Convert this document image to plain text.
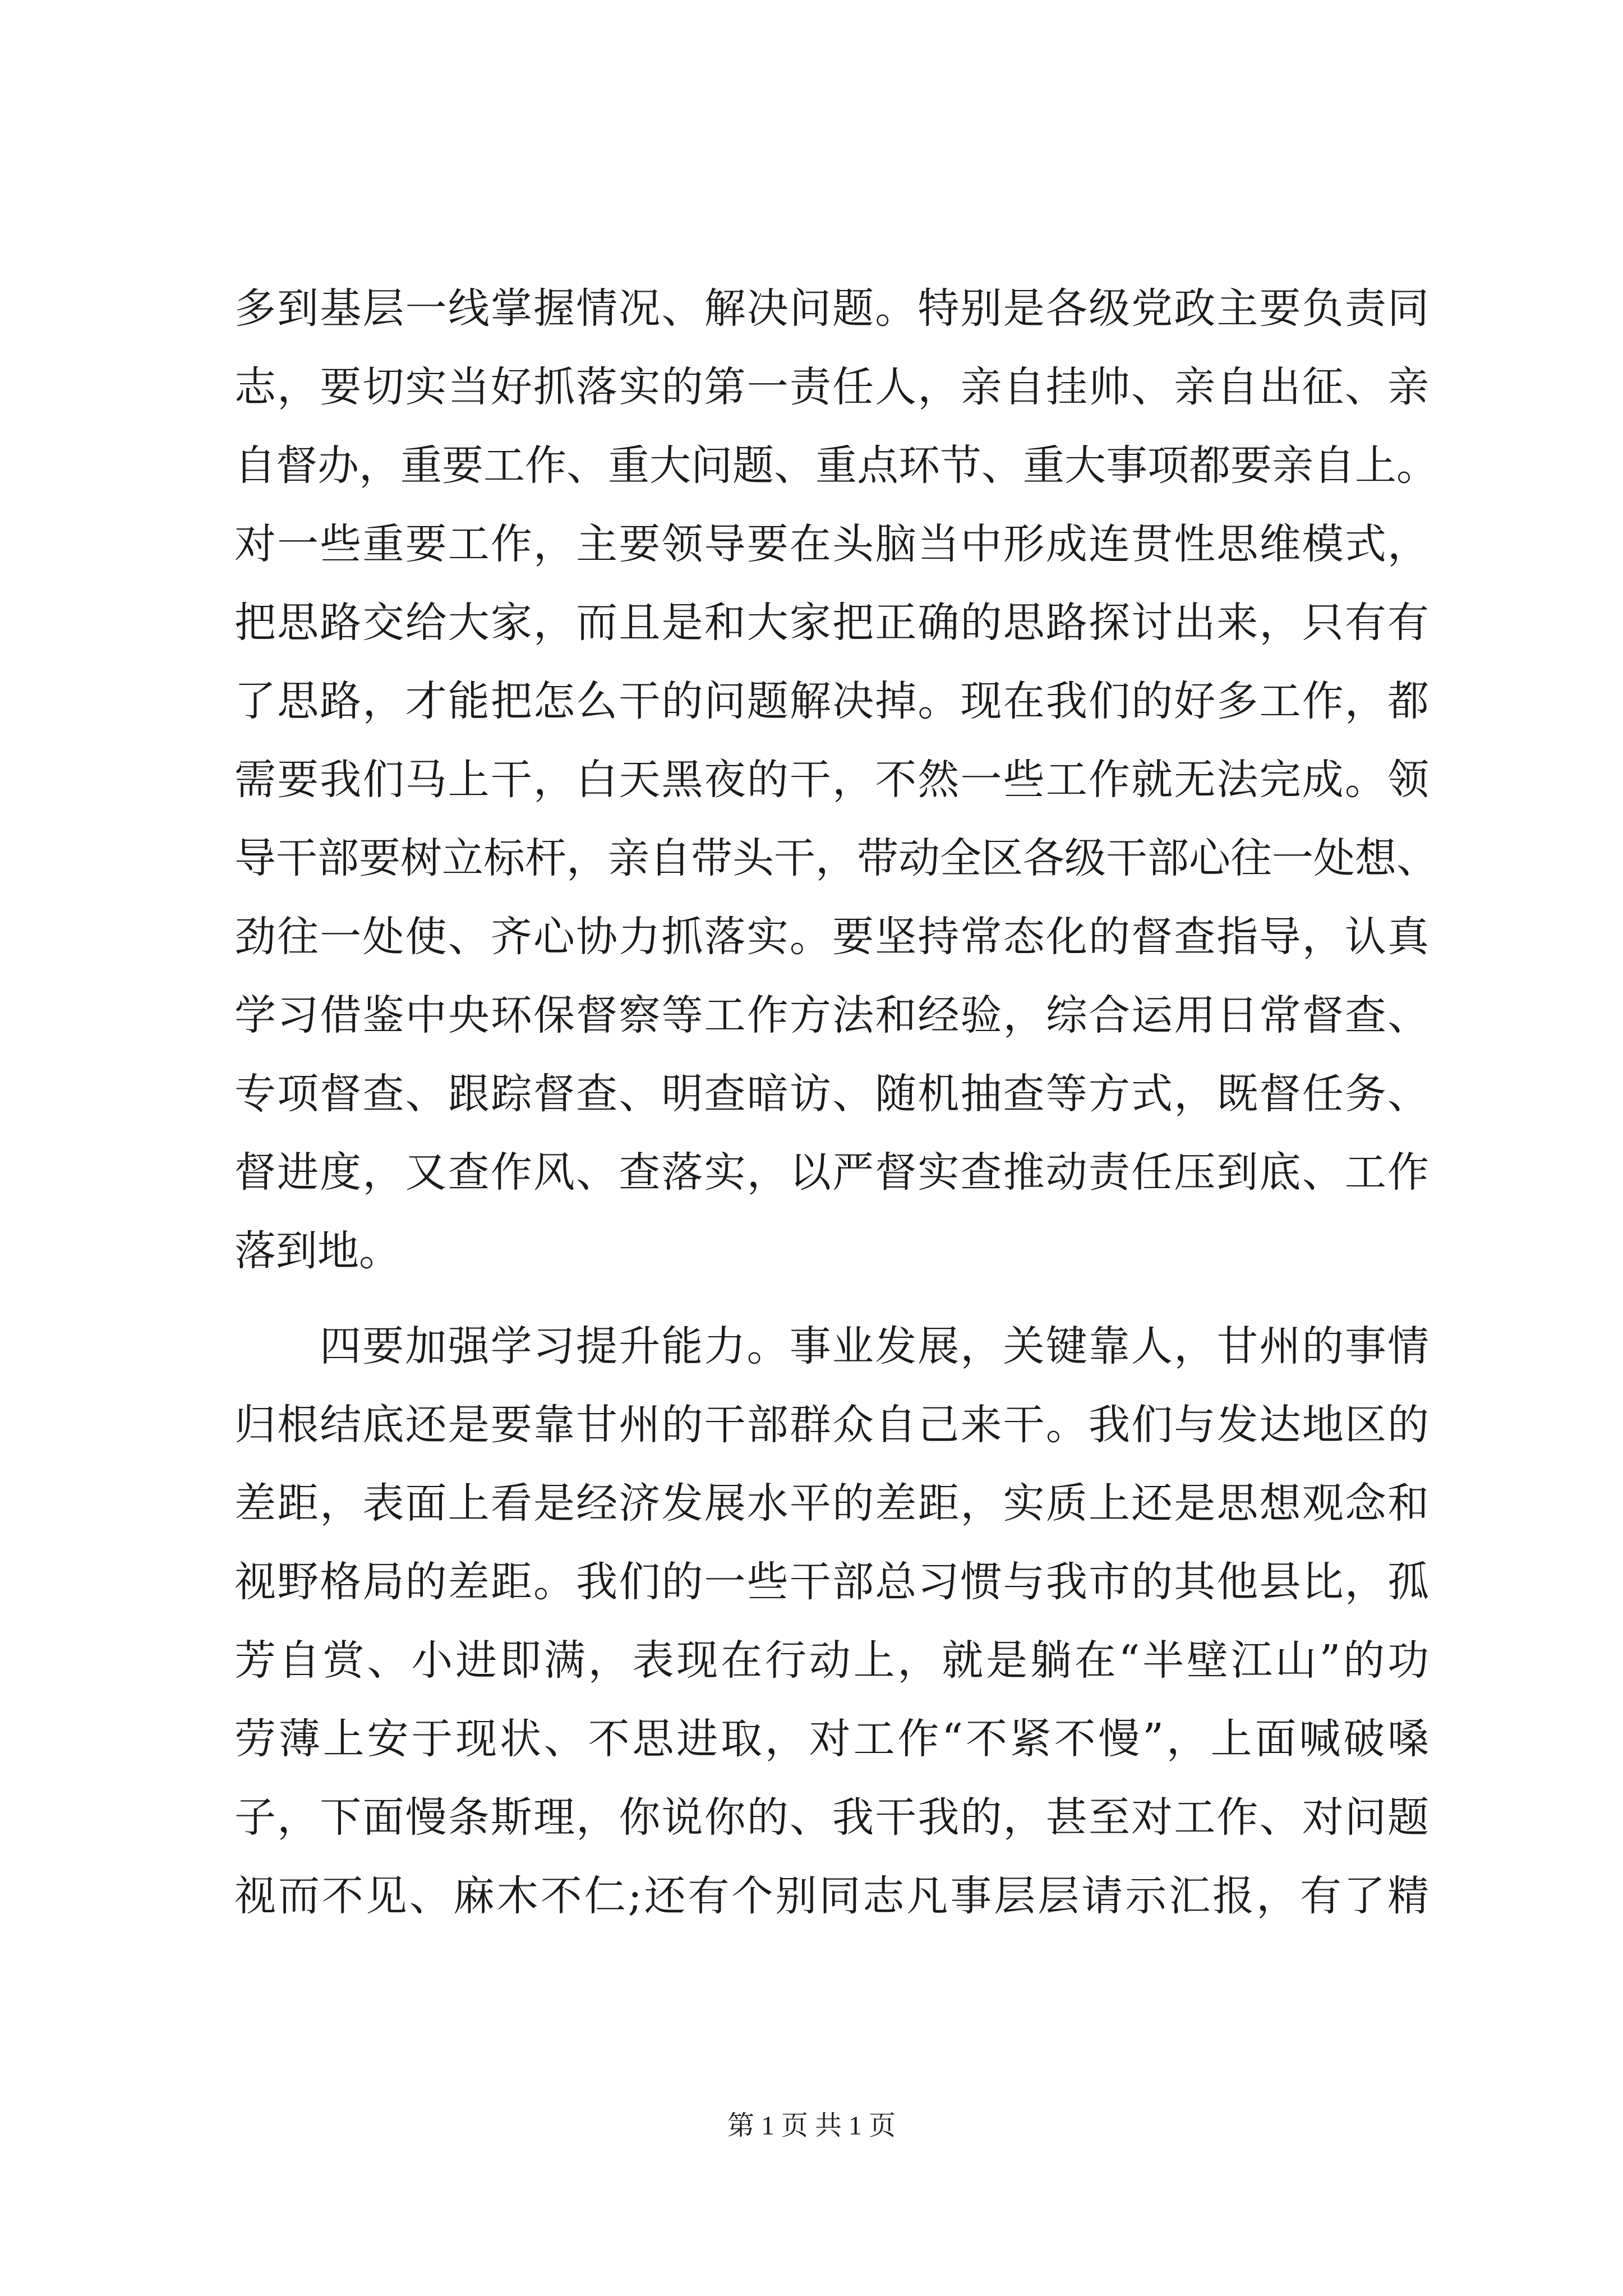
多到基层一线掌握情况、解决问题。特别是各级党政主要负责同
志，要切实当好抓落实的第一责任人，亲自挂帅、亲自出征、亲
自督办，重要工作、重大问题、重点环节、重大事项都要亲自上。
对一些重要工作，主要领导要在头脑当中形成连贯性思维模式，
把思路交给大家，而且是和大家把正确的思路探讨出来，只有有
了思路，才能把怎么干的问题解决掉。现在我们的好多工作，都
需要我们马上干，白天黑夜的干，不然一些工作就无法完成。领
导干部要树立标杆，亲自带头干，带动全区各级干部心往一处想、
劲往一处使、齐心协力抓落实。要坚持常态化的督查指导，认真
学习借鉴中央环保督察等工作方法和经验，综合运用日常督查、
专项督查、跟踪督查、明查暗访、随机抽查等方式，既督任务、
督进度，又查作风、查落实，以严督实查推动责任压到底、工作
落到地。
四要加强学习提升能力。事业发展，关键靠人，甘州的事情
归根结底还是要靠甘州的干部群众自己来干。我们与发达地区的
差距，表面上看是经济发展水平的差距，实质上还是思想观念和
视野格局的差距。我们的一些干部总习惯与我市的其他县比，孤
芳自赏、小进即满，表现在行动上，就是躺在“半壁江山”的功
劳薄上安于现状、不思进取，对工作“不紧不慢”，上面喊破嗓
子，下面慢条斯理，你说你的、我干我的，甚至对工作、对问题
视而不见、麻木不仁;还有个别同志凡事层层请示汇报，有了精
第 1 页 共 1 页
